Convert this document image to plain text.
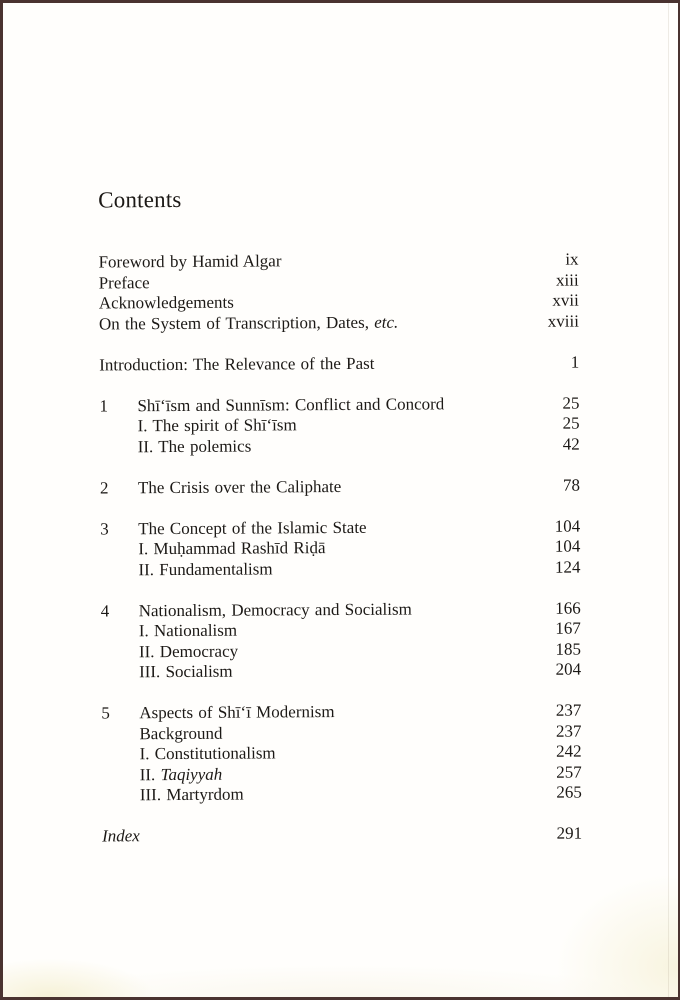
Contents
Foreword by Hamid Algar	ix
Preface	xiii
Acknowledgements	xvii
On the System of Transcription, Dates, etc.	xviii
Introduction: The Relevance of the Past	1
1	Shī‘īsm and Sunnīsm: Conflict and Concord	25
I. The spirit of Shī‘īsm	25
II. The polemics	42
2	The Crisis over the Caliphate	78
3	The Concept of the Islamic State	104
I. Muḥammad Rashīd Riḍā	104
II. Fundamentalism	124
4	Nationalism, Democracy and Socialism	166
I. Nationalism	167
II. Democracy	185
III. Socialism	204
5	Aspects of Shī‘ī Modernism	237
Background	237
I. Constitutionalism	242
II. Taqiyyah	257
III. Martyrdom	265
Index	291
